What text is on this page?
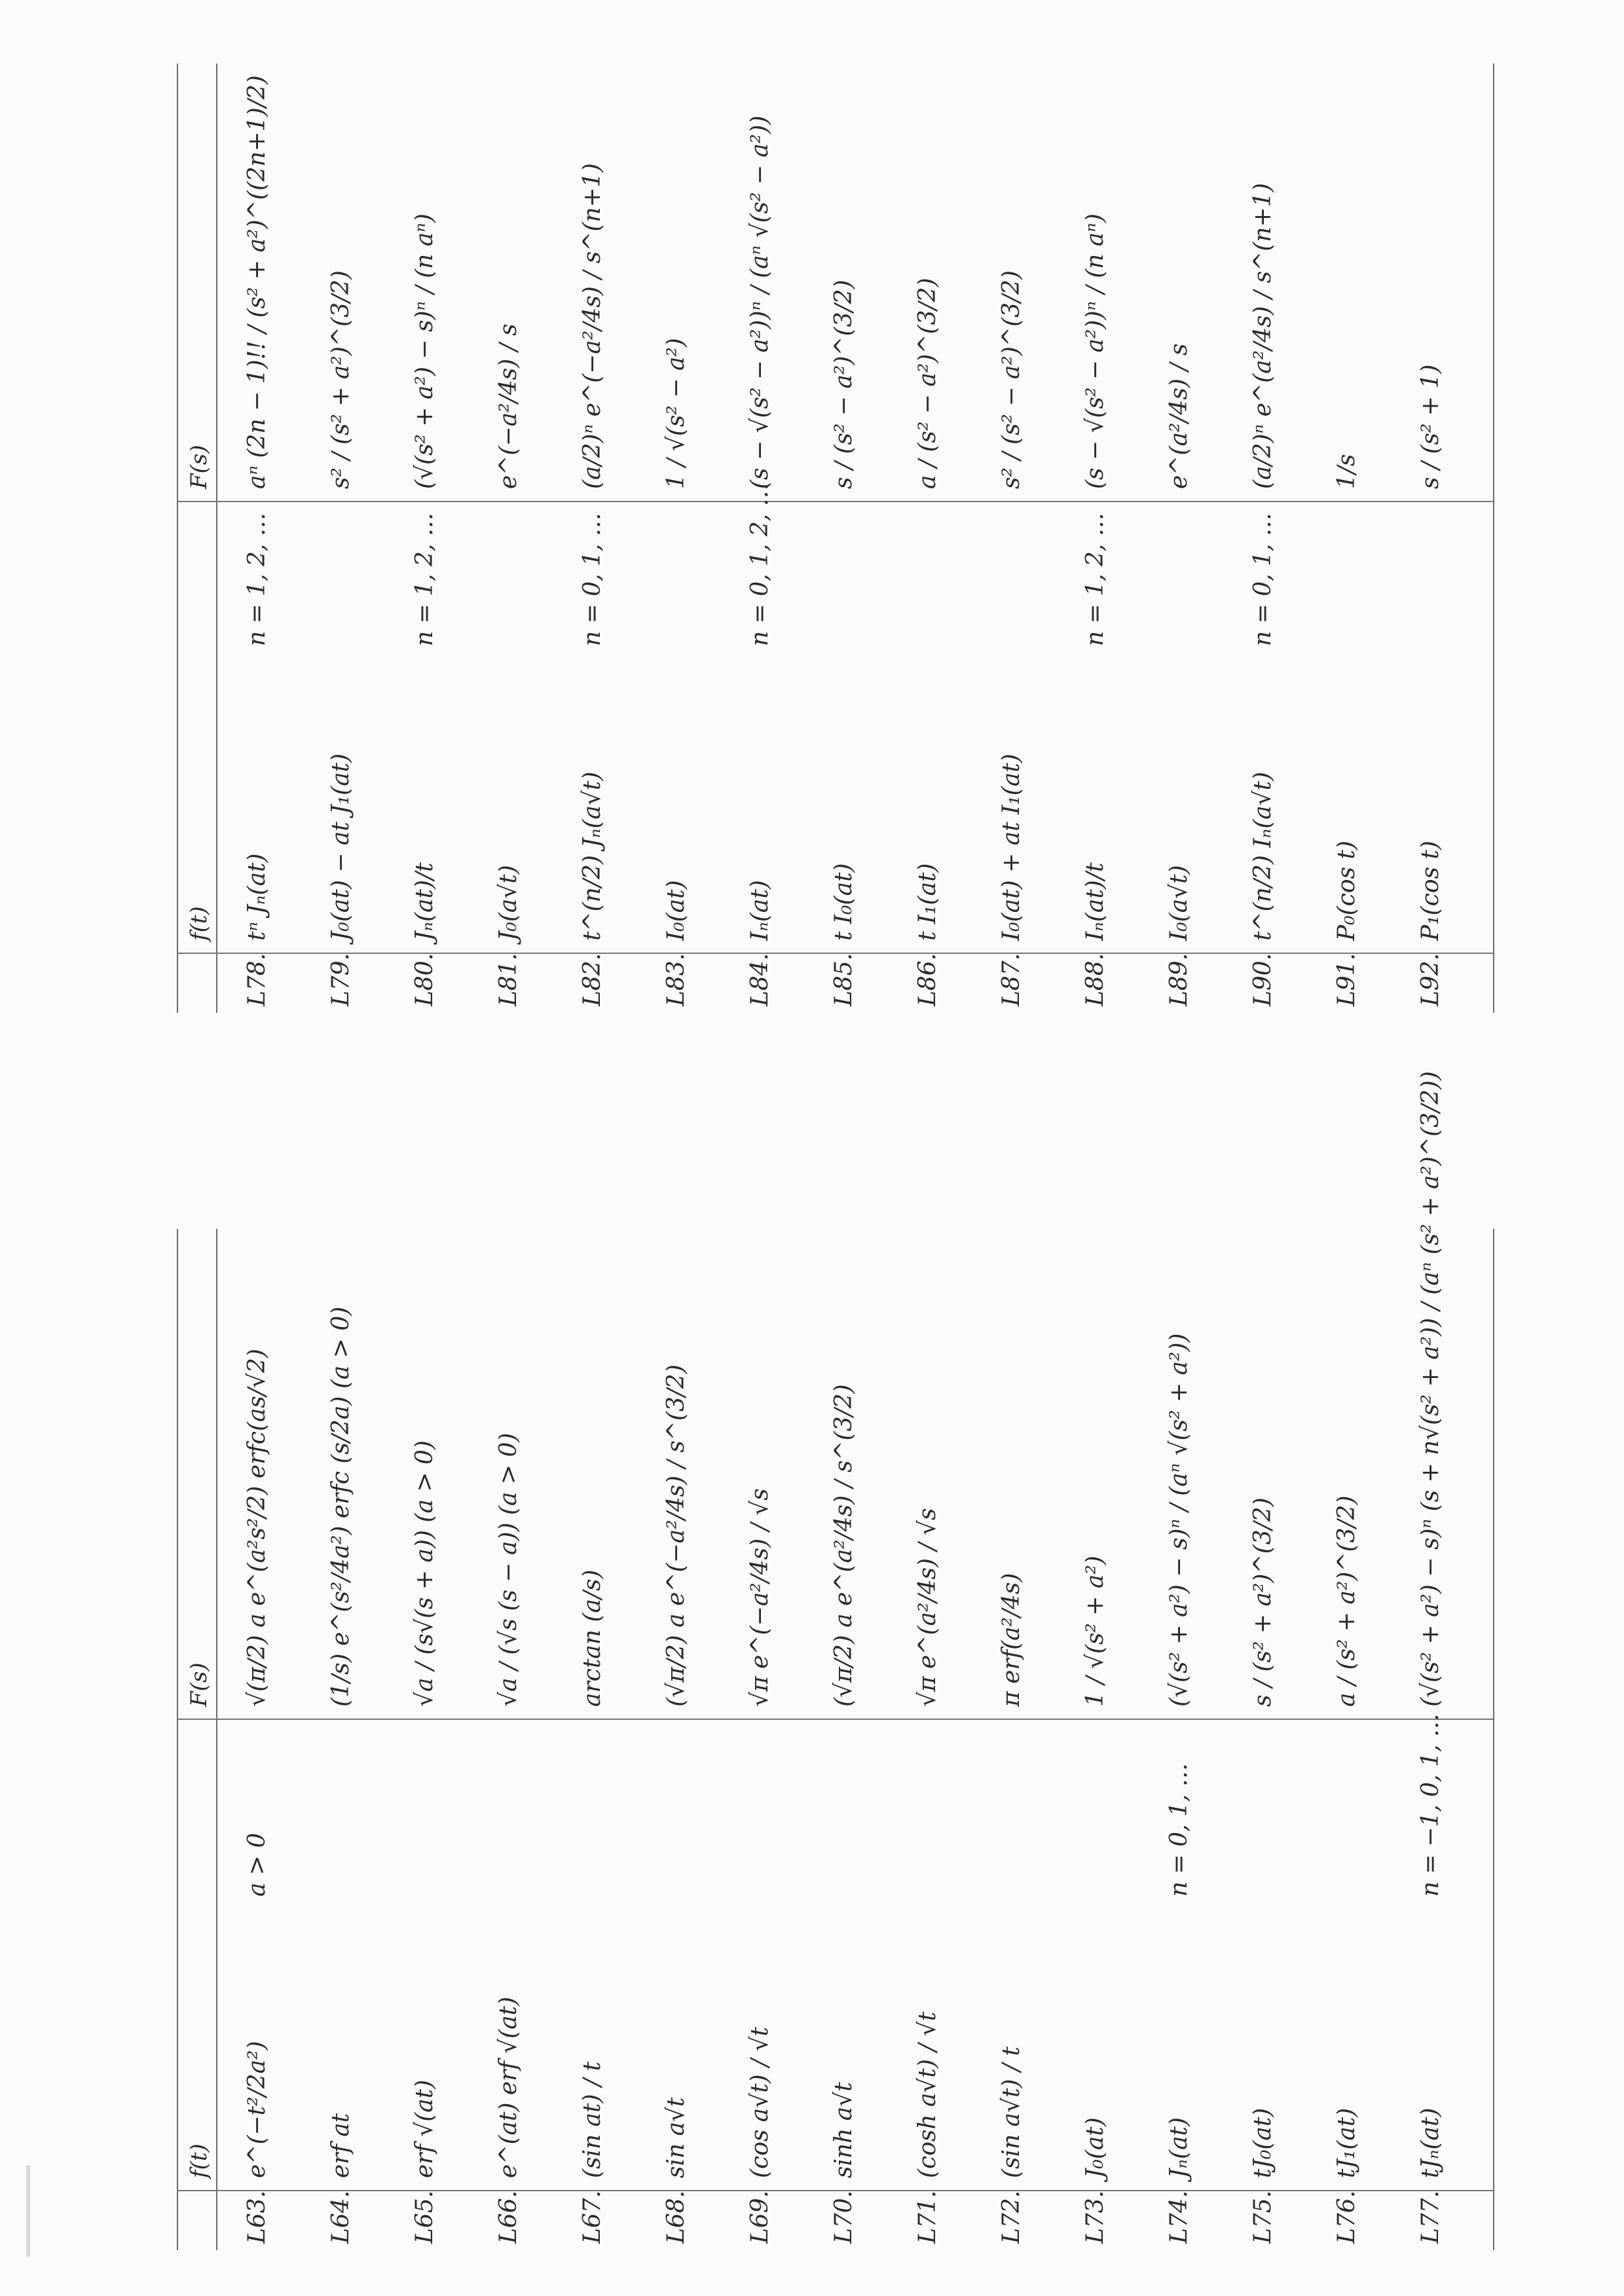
f(t)
F(s)
L63.
e^(−t²/2a²)
a > 0
√(π/2) a e^(a²s²/2) erfc(as/√2)
L64.
erf at
(1/s) e^(s²/4a²) erfc (s/2a) (a > 0)
L65.
erf √(at)
√a / (s√(s + a)) (a > 0)
L66.
e^(at) erf √(at)
√a / (√s (s − a)) (a > 0)
L67.
(sin at) / t
arctan (a/s)
L68.
sin a√t
(√π/2) a e^(−a²/4s) / s^(3/2)
L69.
(cos a√t) / √t
√π e^(−a²/4s) / √s
L70.
sinh a√t
(√π/2) a e^(a²/4s) / s^(3/2)
L71.
(cosh a√t) / √t
√π e^(a²/4s) / √s
L72.
(sin a√t) / t
π erf(a²/4s)
L73.
J₀(at)
1 / √(s² + a²)
L74.
Jₙ(at)
n = 0, 1, …
(√(s² + a²) − s)ⁿ / (aⁿ √(s² + a²))
L75.
tJ₀(at)
s / (s² + a²)^(3/2)
L76.
tJ₁(at)
a / (s² + a²)^(3/2)
L77.
tJₙ(at)
n = −1, 0, 1, …
(√(s² + a²) − s)ⁿ (s + n√(s² + a²)) / (aⁿ (s² + a²)^(3/2))
f(t)
F(s)
L78.
tⁿ Jₙ(at)
n = 1, 2, …
aⁿ (2n − 1)!! / (s² + a²)^((2n+1)/2)
L79.
J₀(at) − at J₁(at)
s² / (s² + a²)^(3/2)
L80.
Jₙ(at)/t
n = 1, 2, …
(√(s² + a²) − s)ⁿ / (n aⁿ)
L81.
J₀(a√t)
e^(−a²/4s) / s
L82.
t^(n/2) Jₙ(a√t)
n = 0, 1, …
(a/2)ⁿ e^(−a²/4s) / s^(n+1)
L83.
I₀(at)
1 / √(s² − a²)
L84.
Iₙ(at)
n = 0, 1, 2, …
(s − √(s² − a²))ⁿ / (aⁿ √(s² − a²))
L85.
t I₀(at)
s / (s² − a²)^(3/2)
L86.
t I₁(at)
a / (s² − a²)^(3/2)
L87.
I₀(at) + at I₁(at)
s² / (s² − a²)^(3/2)
L88.
Iₙ(at)/t
n = 1, 2, …
(s − √(s² − a²))ⁿ / (n aⁿ)
L89.
I₀(a√t)
e^(a²/4s) / s
L90.
t^(n/2) Iₙ(a√t)
n = 0, 1, …
(a/2)ⁿ e^(a²/4s) / s^(n+1)
L91.
P₀(cos t)
1/s
L92.
P₁(cos t)
s / (s² + 1)
